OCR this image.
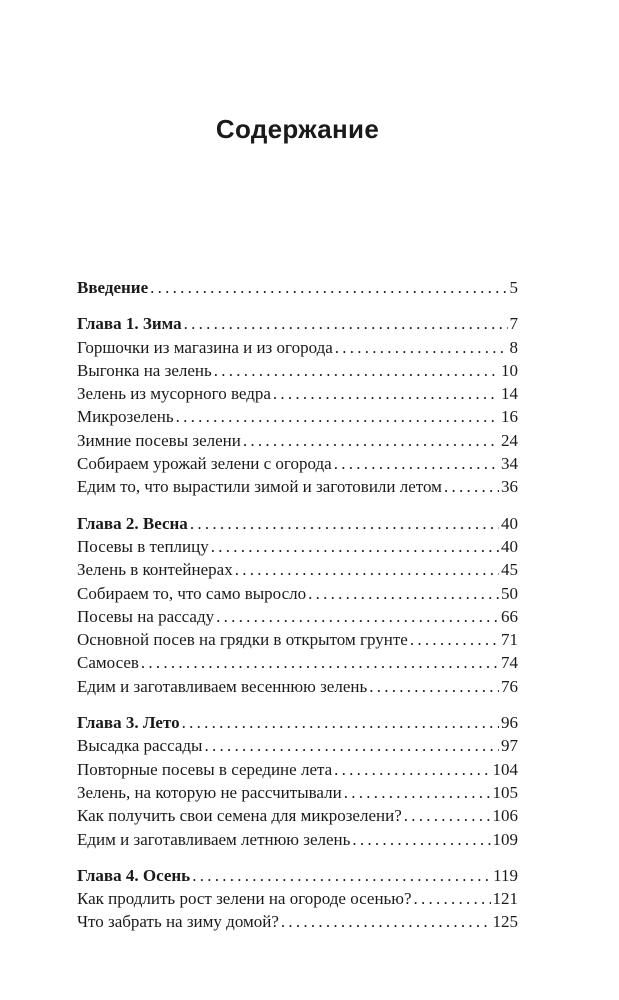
Содержание
Введение . . .	5
Глава 1. Зима . . .	7
Горшочки из магазина и из огорода . . .	8
Выгонка на зелень . . .	10
Зелень из мусорного ведра . . .	14
Микрозелень . . .	16
Зимние посевы зелени . . .	24
Собираем урожай зелени с огорода . . .	34
Едим то, что вырастили зимой и заготовили летом . . .	36
Глава 2. Весна . . .	40
Посевы в теплицу . . .	40
Зелень в контейнерах . . .	45
Собираем то, что само выросло . . .	50
Посевы на рассаду . . .	66
Основной посев на грядки в открытом грунте . . .	71
Самосев . . .	74
Едим и заготавливаем весеннюю зелень . . .	76
Глава 3. Лето . . .	96
Высадка рассады . . .	97
Повторные посевы в середине лета . . .	104
Зелень, на которую не рассчитывали . . .	105
Как получить свои семена для микрозелени? . . .	106
Едим и заготавливаем летнюю зелень . . .	109
Глава 4. Осень . . .	119
Как продлить рост зелени на огороде осенью? . . .	121
Что забрать на зиму домой? . . .	125
